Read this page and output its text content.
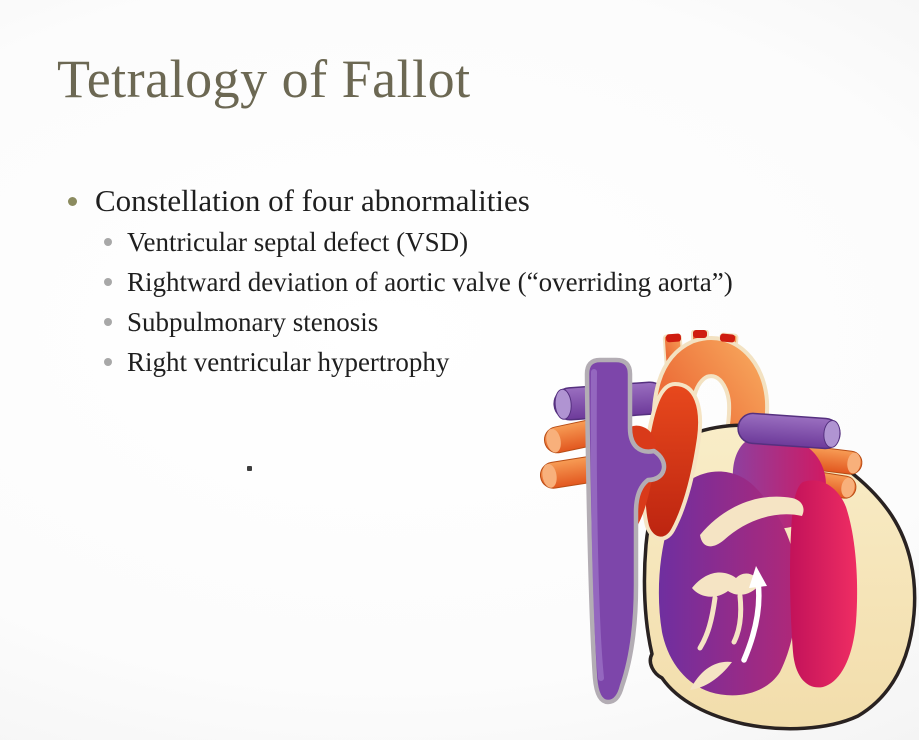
Tetralogy of Fallot
Constellation of four abnormalities
Ventricular septal defect (VSD)
Rightward deviation of aortic valve (“overriding aorta”)
Subpulmonary stenosis
Right ventricular hypertrophy
